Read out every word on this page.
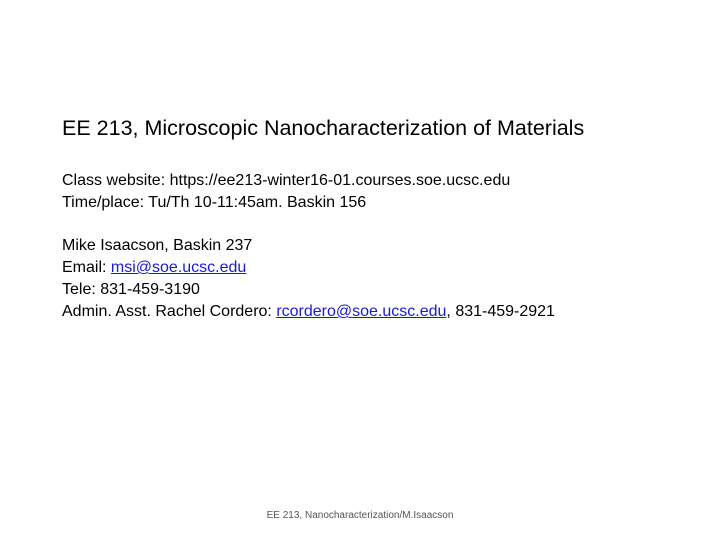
EE 213, Microscopic Nanocharacterization of Materials
Class website: https://ee213-winter16-01.courses.soe.ucsc.edu
Time/place: Tu/Th 10-11:45am. Baskin 156
Mike Isaacson, Baskin 237
Email: msi@soe.ucsc.edu
Tele: 831-459-3190
Admin. Asst. Rachel Cordero: rcordero@soe.ucsc.edu, 831-459-2921
EE 213, Nanocharacterization/M.Isaacson
